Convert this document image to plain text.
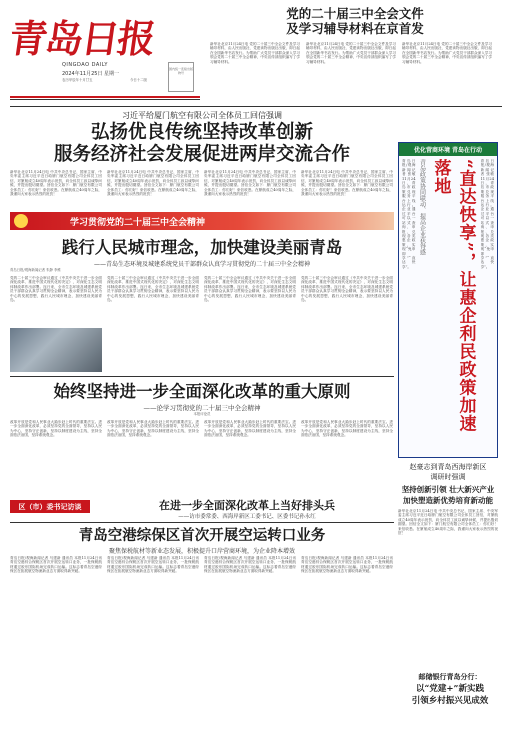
青岛日报
QINGDAO DAILY
2024年11月25日 星期一
农历甲辰年十月廿五	今日十二版
国内统一连续出版物号
党的二十届三中全会文件
及学习辅导材料在京首发
新华社北京11月24日电 党的二十届三中全会文件及学习辅导材料，由人民出版社、党建读物出版社出版，即日起在全国新华书店发行。为帮助广大党员干部群众深入学习领会党的二十届三中全会精神，中央宣传部组织编写了学习辅导材料。
新华社北京11月24日电 党的二十届三中全会文件及学习辅导材料，由人民出版社、党建读物出版社出版，即日起在全国新华书店发行。为帮助广大党员干部群众深入学习领会党的二十届三中全会精神，中央宣传部组织编写了学习辅导材料。
新华社北京11月24日电 党的二十届三中全会文件及学习辅导材料，由人民出版社、党建读物出版社出版，即日起在全国新华书店发行。为帮助广大党员干部群众深入学习领会党的二十届三中全会精神，中央宣传部组织编写了学习辅导材料。
习近平给厦门航空有限公司全体员工回信强调
弘扬优良传统坚持改革创新
服务经济社会发展促进两岸交流合作
新华社北京11月24日电 中共中央总书记、国家主席、中央军委主席习近平近日给厦门航空有限公司全体员工回信，对厦航成立40周年表示祝贺，向全体员工致以诚挚问候，并提出殷切期望。回信全文如下：厦门航空有限公司全体员工：你们好！来信收悉。在厦航成立40周年之际，我谨向大家表示热烈的祝贺！
新华社北京11月24日电 中共中央总书记、国家主席、中央军委主席习近平近日给厦门航空有限公司全体员工回信，对厦航成立40周年表示祝贺，向全体员工致以诚挚问候，并提出殷切期望。回信全文如下：厦门航空有限公司全体员工：你们好！来信收悉。在厦航成立40周年之际，我谨向大家表示热烈的祝贺！
新华社北京11月24日电 中共中央总书记、国家主席、中央军委主席习近平近日给厦门航空有限公司全体员工回信，对厦航成立40周年表示祝贺，向全体员工致以诚挚问候，并提出殷切期望。回信全文如下：厦门航空有限公司全体员工：你们好！来信收悉。在厦航成立40周年之际，我谨向大家表示热烈的祝贺！
新华社北京11月24日电 中共中央总书记、国家主席、中央军委主席习近平近日给厦门航空有限公司全体员工回信，对厦航成立40周年表示祝贺，向全体员工致以诚挚问候，并提出殷切期望。回信全文如下：厦门航空有限公司全体员工：你们好！来信收悉。在厦航成立40周年之际，我谨向大家表示热烈的祝贺！
学习贯彻党的二十届三中全会精神
践行人民城市理念，加快建设美丽青岛
——青岛生态环境及城建系统党员干部群众认真学习贯彻党的二十届三中全会精神
青岛日报/观海新闻记者 朱静 李维
党的二十届三中全会审议通过《中共中央关于进一步全面深化改革、推进中国式现代化的决定》，对深化生态文明体制改革作出部署。连日来，全市生态环境及城建系统党员干部群众认真学习贯彻全会精神，表示要坚持以人民为中心的发展思想，践行人民城市理念，加快建设美丽青岛。
党的二十届三中全会审议通过《中共中央关于进一步全面深化改革、推进中国式现代化的决定》，对深化生态文明体制改革作出部署。连日来，全市生态环境及城建系统党员干部群众认真学习贯彻全会精神，表示要坚持以人民为中心的发展思想，践行人民城市理念，加快建设美丽青岛。
党的二十届三中全会审议通过《中共中央关于进一步全面深化改革、推进中国式现代化的决定》，对深化生态文明体制改革作出部署。连日来，全市生态环境及城建系统党员干部群众认真学习贯彻全会精神，表示要坚持以人民为中心的发展思想，践行人民城市理念，加快建设美丽青岛。
党的二十届三中全会审议通过《中共中央关于进一步全面深化改革、推进中国式现代化的决定》，对深化生态文明体制改革作出部署。连日来，全市生态环境及城建系统党员干部群众认真学习贯彻全会精神，表示要坚持以人民为中心的发展思想，践行人民城市理念，加快建设美丽青岛。
优化营商环境 青岛在行动
青岛日报/观海新闻记者 张敏 11月24日，青岛市政策兑现服务平台上线运行。企业通过平台可以一站式查询、申报、兑现各类惠企政策，实现“免申即享”“直达快享”。
青岛政策协同联动、提高企业获得感	“直达快享”，让惠企利民政策加速落地	青岛日报/观海新闻记者 张敏 11月24日，青岛市政策兑现服务平台上线运行。企业通过平台可以一站式查询、申报、兑现各类惠企政策，实现“免申即享”“直达快享”。
赵豪志到青岛西海岸新区
调研时强调
坚持创新引领 壮大新兴产业
加快塑造新优势培育新动能
新华社北京11月24日电 中共中央总书记、国家主席、中央军委主席习近平近日给厦门航空有限公司全体员工回信，对厦航成立40周年表示祝贺，向全体员工致以诚挚问候，并提出殷切期望。回信全文如下：厦门航空有限公司全体员工：你们好！来信收悉。在厦航成立40周年之际，我谨向大家表示热烈的祝贺！
始终坚持进一步全面深化改革的重大原则
——论学习贯彻党的二十届三中全会精神
本报评论员
改革开放是党和人民事业大踏步赶上时代的重要法宝。进一步全面深化改革，必须坚持党的全面领导，坚持以人民为中心，坚持守正创新，坚持以制度建设为主线，坚持全面依法治国，坚持系统观念。
改革开放是党和人民事业大踏步赶上时代的重要法宝。进一步全面深化改革，必须坚持党的全面领导，坚持以人民为中心，坚持守正创新，坚持以制度建设为主线，坚持全面依法治国，坚持系统观念。
改革开放是党和人民事业大踏步赶上时代的重要法宝。进一步全面深化改革，必须坚持党的全面领导，坚持以人民为中心，坚持守正创新，坚持以制度建设为主线，坚持全面依法治国，坚持系统观念。
改革开放是党和人民事业大踏步赶上时代的重要法宝。进一步全面深化改革，必须坚持党的全面领导，坚持以人民为中心，坚持守正创新，坚持以制度建设为主线，坚持全面依法治国，坚持系统观念。
区（市）委书记访谈	在进一步全面深化改革上当好排头兵
——访市委常委、西海岸新区工委书记、区委书记孙永红
青岛空港综保区首次开展空运转口业务
聚焦保税航材等新业态发展，积极提升口岸营商环境，为企业降本增效
青岛日报/观海新闻记者 马建新 通讯员 本报11月24日讯 青岛空港综合保税区首次开展空运转口业务，一批保税航材通过胶东国际机场完成转口运输。这标志着青岛空港综保区在拓展航空物流新业态方面取得新突破。
青岛日报/观海新闻记者 马建新 通讯员 本报11月24日讯 青岛空港综合保税区首次开展空运转口业务，一批保税航材通过胶东国际机场完成转口运输。这标志着青岛空港综保区在拓展航空物流新业态方面取得新突破。
青岛日报/观海新闻记者 马建新 通讯员 本报11月24日讯 青岛空港综合保税区首次开展空运转口业务，一批保税航材通过胶东国际机场完成转口运输。这标志着青岛空港综保区在拓展航空物流新业态方面取得新突破。
青岛日报/观海新闻记者 马建新 通讯员 本报11月24日讯 青岛空港综合保税区首次开展空运转口业务，一批保税航材通过胶东国际机场完成转口运输。这标志着青岛空港综保区在拓展航空物流新业态方面取得新突破。
邮储银行青岛分行：
以“党建+”新实践
引领乡村振兴见成效
